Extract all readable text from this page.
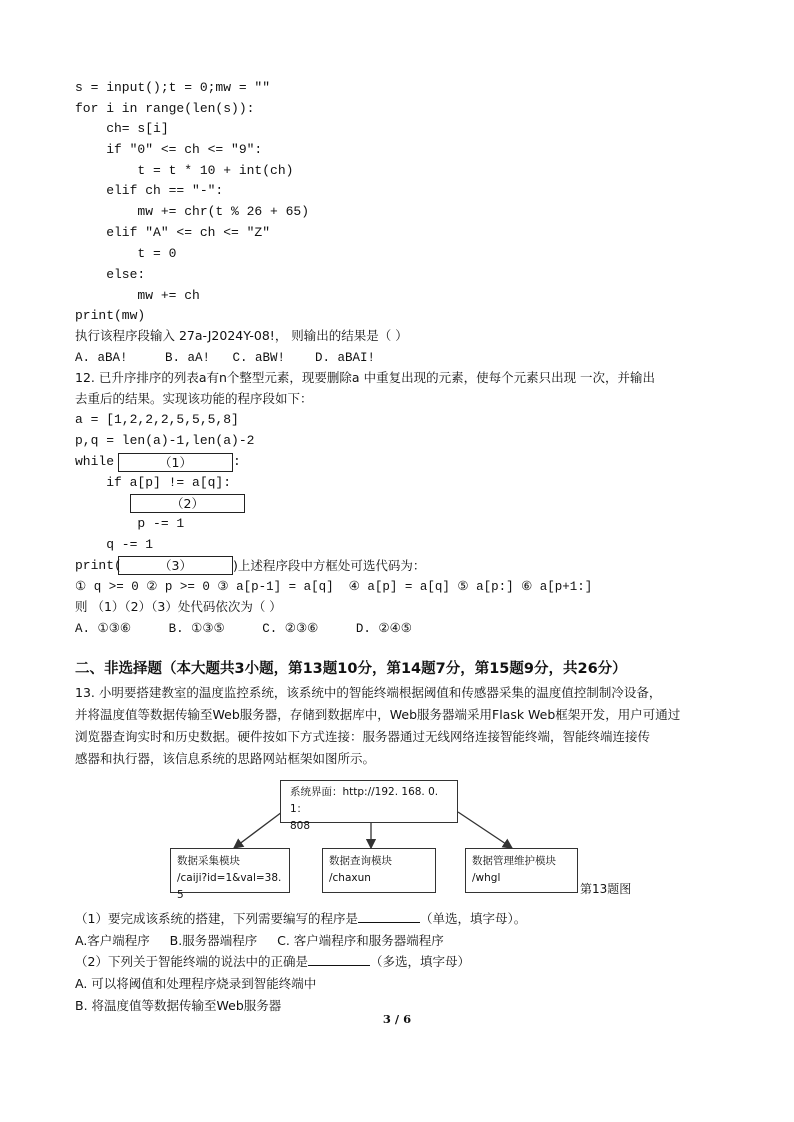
s = input();t = 0;mw = ""
for i in range(len(s)):
ch= s[i]
if "0" <= ch <= "9":
t = t * 10 + int(ch)
elif ch == "-":
mw += chr(t % 26 + 65)
elif "A" <= ch <= "Z"
t = 0
else:
mw += ch
print(mw)
执行该程序段输入 27a-J2024Y-08!， 则输出的结果是（ ）
A. aBA!     B. aA!   C. aBW!    D. aBAI!
12. 已升序排序的列表a有n个整型元素，现要删除a 中重复出现的元素，使每个元素只出现 一次，并输出
去重后的结果。实现该功能的程序段如下：
a = [1,2,2,2,5,5,5,8]
p,q = len(a)-1,len(a)-2
while	（1）	:
if a[p] != a[q]:
（2）
p -= 1
q -= 1
print(	（3）	)上述程序段中方框处可选代码为：
① q >= 0 ② p >= 0 ③ a[p-1] = a[q]  ④ a[p] = a[q] ⑤ a[p:] ⑥ a[p+1:]
则 （1）（2）（3）处代码依次为（ ）
A. ①③⑥     B. ①③⑤     C. ②③⑥     D. ②④⑤
二、非选择题（本大题共3小题，第13题10分，第14题7分，第15题9分，共26分）
13. 小明要搭建教室的温度监控系统，该系统中的智能终端根据阈值和传感器采集的温度值控制制冷设备，
并将温度值等数据传输至Web服务器，存储到数据库中，Web服务器端采用Flask Web框架开发，用户可通过
浏览器查询实时和历史数据。硬件按如下方式连接：服务器通过无线网络连接智能终端，智能终端连接传
感器和执行器，该信息系统的思路网站框架如图所示。
系统界面：http://192. 168. 0. 1：
808
数据采集模块
/caiji?id=1&val=38. 5
数据查询模块
/chaxun
数据管理维护模块
/whgl
第13题图
（1）要完成该系统的搭建，下列需要编写的程序是	（单选，填字母）。
A.客户端程序     B.服务器端程序     C. 客户端程序和服务器端程序
（2）下列关于智能终端的说法中的正确是	（多选，填字母）
A. 可以将阈值和处理程序烧录到智能终端中
B. 将温度值等数据传输至Web服务器
3 / 6
